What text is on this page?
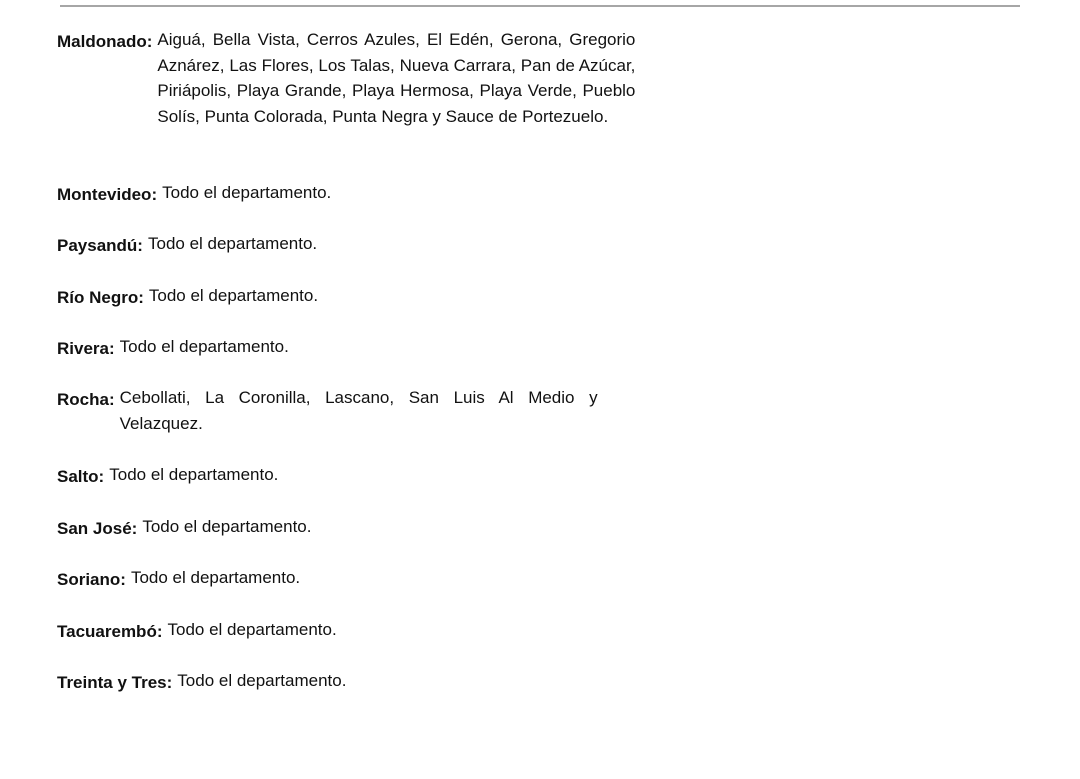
Maldonado: Aiguá, Bella Vista, Cerros Azules, El Edén, Gerona, Gregorio Aznárez, Las Flores, Los Talas, Nueva Carrara, Pan de Azúcar, Piriápolis, Playa Grande, Playa Hermosa, Playa Verde, Pueblo Solís, Punta Colorada, Punta Negra y Sauce de Portezuelo.
Montevideo: Todo el departamento.
Paysandú: Todo el departamento.
Río Negro: Todo el departamento.
Rivera: Todo el departamento.
Rocha: Cebollati, La Coronilla, Lascano, San Luis Al Medio y Velazquez.
Salto: Todo el departamento.
San José: Todo el departamento.
Soriano: Todo el departamento.
Tacuarembó: Todo el departamento.
Treinta y Tres: Todo el departamento.
